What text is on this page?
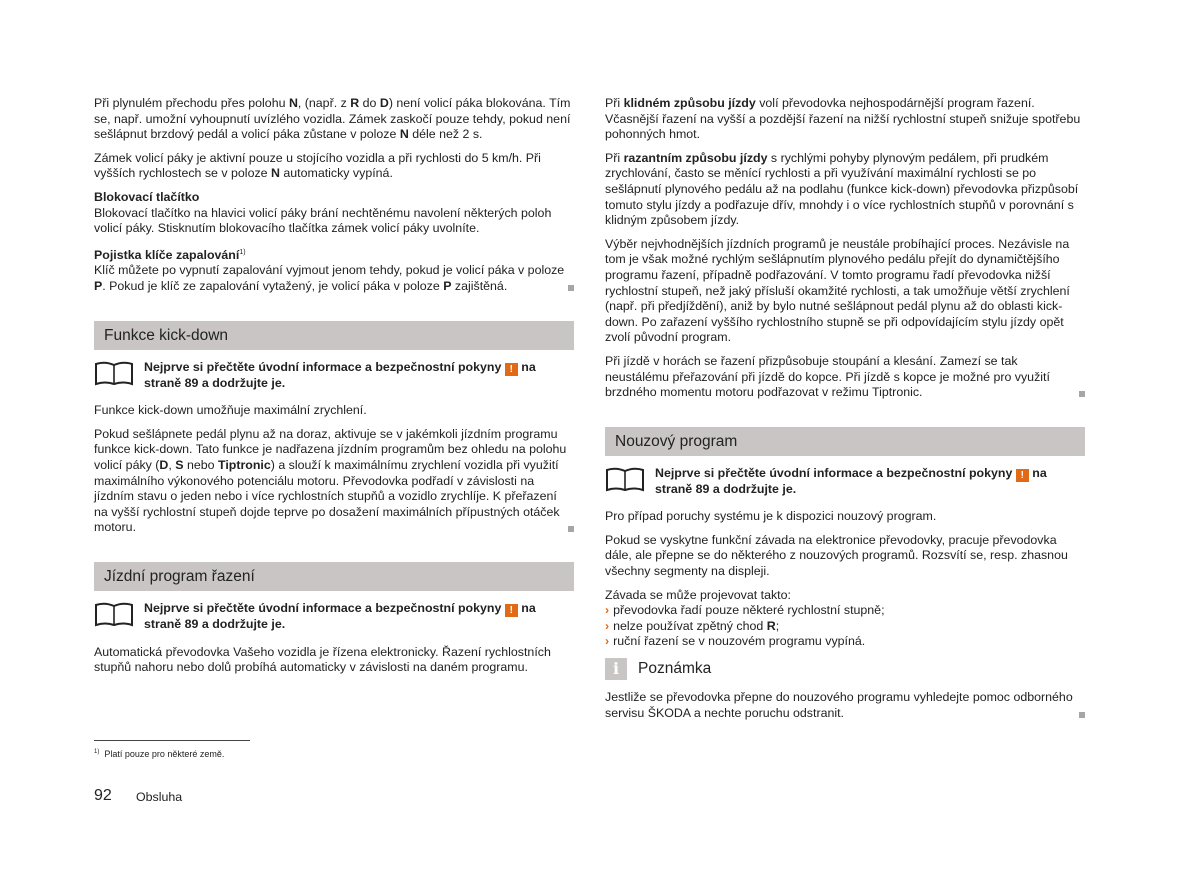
Při plynulém přechodu přes polohu N, (např. z R do D) není volicí páka blokována. Tím se, např. umožní vyhoupnutí uvízlého vozidla. Zámek zaskočí pouze tehdy, pokud není sešlápnut brzdový pedál a volicí páka zůstane v poloze N déle než 2 s.

Zámek volicí páky je aktivní pouze u stojícího vozidla a při rychlosti do 5 km/h. Při vyšších rychlostech se v poloze N automaticky vypíná.

Blokovací tlačítko

Blokovací tlačítko na hlavici volicí páky brání nechtěnému navolení některých poloh volicí páky. Stisknutím blokovacího tlačítka zámek volicí páky uvolníte.

Pojistka klíče zapalování$^{1)}$

Klíč můžete po vypnutí zapalování vyjmout jenom tehdy, pokud je volicí páka v poloze P. Pokud je klíč ze zapalování vytažený, je volicí páka v poloze P zajištěná.

Funkce kick-down
Nejprve si přečtěte úvodní informace a bezpečnostní pokyny ! na straně 89 a dodržujte je.

Funkce kick-down umožňuje maximální zrychlení.

Pokud sešlápnete pedál plynu až na doraz, aktivuje se v jakémkoli jízdním programu funkce kick-down. Tato funkce je nadřazena jízdním programům bez ohledu na polohu volicí páky (D, S nebo Tiptronic) a slouží k maximálnímu zrychlení vozidla při využití maximálního výkonového potenciálu motoru. Převodovka podřadí v závislosti na jízdním stavu o jeden nebo i více rychlostních stupňů a vozidlo zrychlíje. K přeřazení na vyšší rychlostní stupeň dojde teprve po dosažení maximálních přípustných otáček motoru.

Jízdní program řazení
Nejprve si přečtěte úvodní informace a bezpečnostní pokyny ! na straně 89 a dodržujte je.

Automatická převodovka Vašeho vozidla je řízena elektronicky. Řazení rychlostních stupňů nahoru nebo dolů probíhá automaticky v závislosti na daném programu.

Při klidném způsobu jízdy volí převodovka nejhospodárnější program řazení. Včasnější řazení na vyšší a pozdější řazení na nižší rychlostní stupeň snižuje spotřebu pohonných hmot.

Při razantním způsobu jízdy s rychlými pohyby plynovým pedálem, při prudkém zrychlování, často se měnící rychlosti a při využívání maximální rychlosti se po sešlápnutí plynového pedálu až na podlahu (funkce kick-down) převodovka přizpůsobí tomuto stylu jízdy a podřazuje dřív, mnohdy i o více rychlostních stupňů v porovnání s klidným způsobem jízdy.

Výběr nejvhodnějších jízdních programů je neustále probíhající proces. Nezávisle na tom je však možné rychlým sešlápnutím plynového pedálu přejít do dynamičtějšího programu řazení, případně podřazování. V tomto programu řadí převodovka nižší rychlostní stupeň, než jaký přísluší okamžité rychlosti, a tak umožňuje větší zrychlení (např. při předjíždění), aniž by bylo nutné sešlápnout pedál plynu až do oblasti kick-down. Po zařazení vyššího rychlostního stupně se při odpovídajícím stylu jízdy opět zvolí původní program.

Při jízdě v horách se řazení přizpůsobuje stoupání a klesání. Zamezí se tak neustálému přeřazování při jízdě do kopce. Při jízdě s kopce je možné pro využití brzdného momentu motoru podřazovat v režimu Tiptronic.

Nouzový program
Nejprve si přečtěte úvodní informace a bezpečnostní pokyny ! na straně 89 a dodržujte je.

Pro případ poruchy systému je k dispozici nouzový program.

Pokud se vyskytne funkční závada na elektronice převodovky, pracuje převodovka dále, ale přepne se do některého z nouzových programů. Rozsvítí se, resp. zhasnou všechny segmenty na displeji.

Závada se může projevovat takto:

› převodovka řadí pouze některé rychlostní stupně;
› nelze používat zpětný chod R;
› ruční řazení se v nouzovém programu vypíná.
i	Poznámka

Jestliže se převodovka přepne do nouzového programu vyhledejte pomoc odborného servisu ŠKODA a nechte poruchu odstranit.

$^{1)}$ Platí pouze pro některé země.
92 Obsluha
